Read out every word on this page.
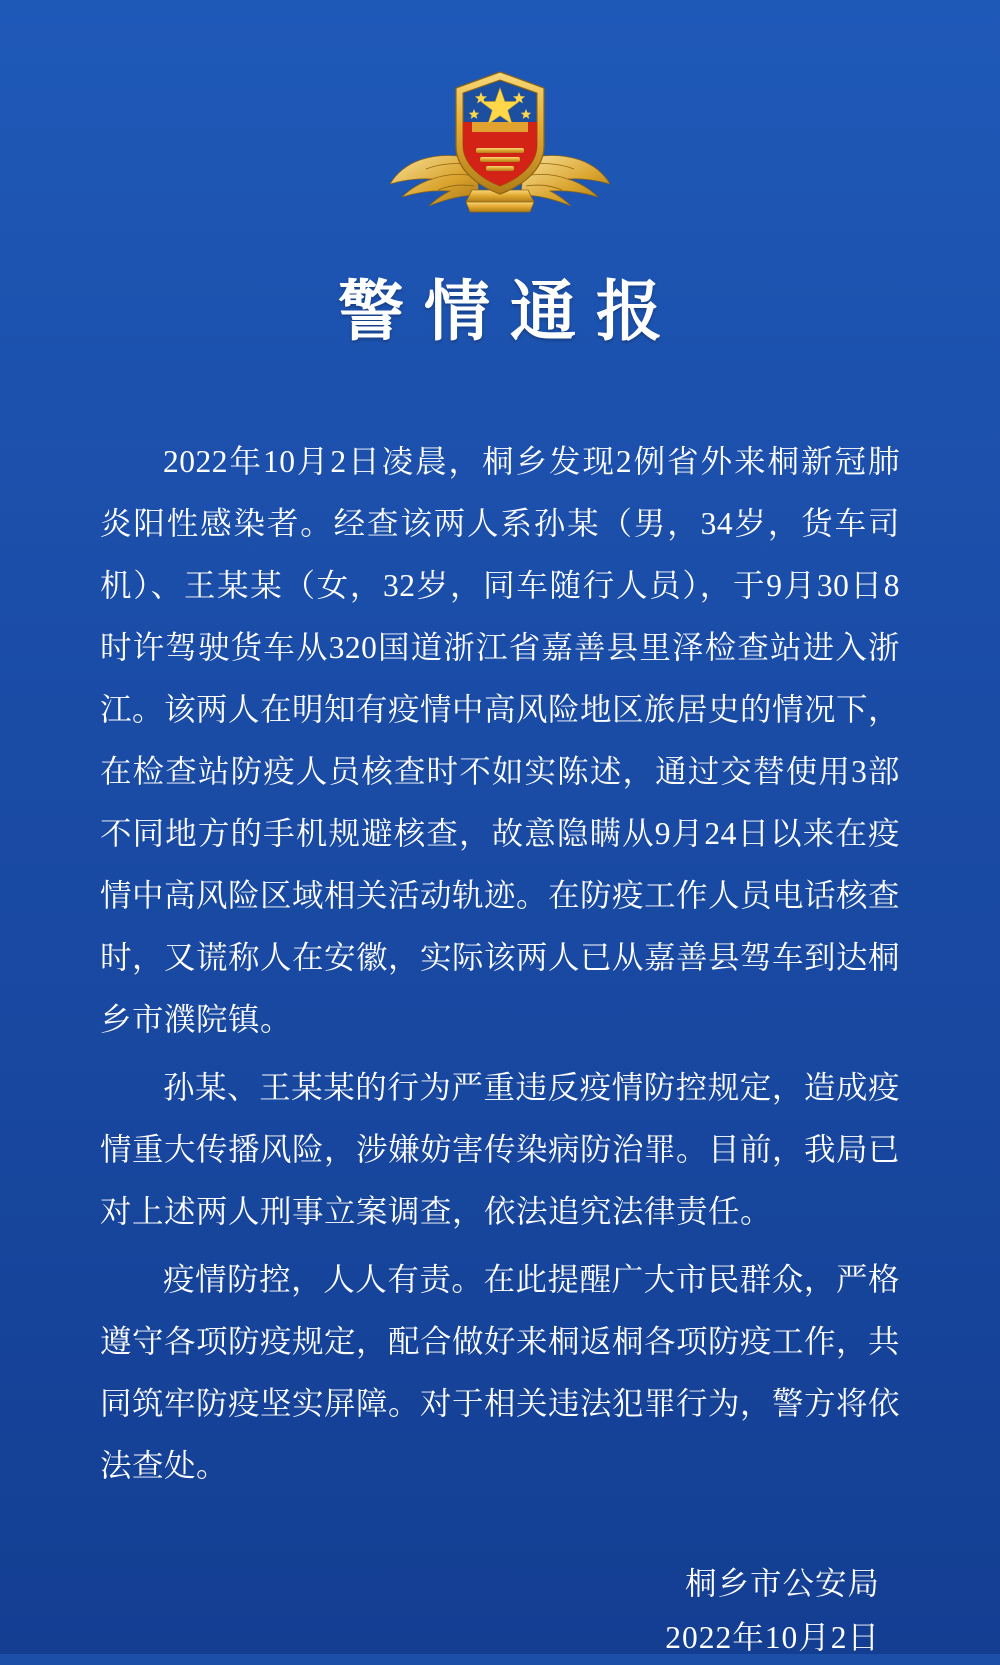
警情通报

2022年10月2日凌晨，桐乡发现2例省外来桐新冠肺炎阳性感染者。经查该两人系孙某（男，34岁，货车司机）、王某某（女，32岁，同车随行人员），于9月30日8时许驾驶货车从320国道浙江省嘉善县里泽检查站进入浙江。该两人在明知有疫情中高风险地区旅居史的情况下，在检查站防疫人员核查时不如实陈述，通过交替使用3部不同地方的手机规避核查，故意隐瞒从9月24日以来在疫情中高风险区域相关活动轨迹。在防疫工作人员电话核查时，又谎称人在安徽，实际该两人已从嘉善县驾车到达桐乡市濮院镇。

孙某、王某某的行为严重违反疫情防控规定，造成疫情重大传播风险，涉嫌妨害传染病防治罪。目前，我局已对上述两人刑事立案调查，依法追究法律责任。

疫情防控，人人有责。在此提醒广大市民群众，严格遵守各项防疫规定，配合做好来桐返桐各项防疫工作，共同筑牢防疫坚实屏障。对于相关违法犯罪行为，警方将依法查处。

桐乡市公安局
2022年10月2日
